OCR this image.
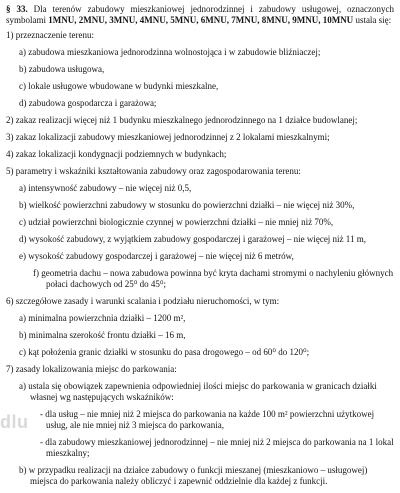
§ 33. Dla terenów zabudowy mieszkaniowej jednorodzinnej i zabudowy usługowej, oznaczonych symbolami 1MNU, 2MNU, 3MNU, 4MNU, 5MNU, 6MNU, 7MNU, 8MNU, 9MNU, 10MNU ustala się:

1) przeznaczenie terenu:
a) zabudowa mieszkaniowa jednorodzinna wolnostojąca i w zabudowie bliźniaczej;
b) zabudowa usługowa,
c) lokale usługowe wbudowane w budynki mieszkalne,
d) zabudowa gospodarcza i garażowa;
2) zakaz realizacji więcej niż 1 budynku mieszkalnego jednorodzinnego na 1 działce budowlanej;
3) zakaz lokalizacji zabudowy mieszkaniowej jednorodzinnej z 2 lokalami mieszkalnymi;
4) zakaz lokalizacji kondygnacji podziemnych w budynkach;
5) parametry i wskaźniki kształtowania zabudowy oraz zagospodarowania terenu:
a) intensywność zabudowy – nie więcej niż 0,5,
b) wielkość powierzchni zabudowy w stosunku do powierzchni działki – nie więcej niż 30%,
c) udział powierzchni biologicznie czynnej w powierzchni działki – nie mniej niż 70%,
d) wysokość zabudowy, z wyjątkiem zabudowy gospodarczej i garażowej – nie więcej niż 11 m,
e) wysokość zabudowy gospodarczej i garażowej – nie więcej niż 6 metrów,
f) geometria dachu – nowa zabudowa powinna być kryta dachami stromymi o nachyleniu głównych połaci dachowych od 25⁰ do 45⁰;
6) szczegółowe zasady i warunki scalania i podziału nieruchomości, w tym:
a) minimalna powierzchnia działki – 1200 m²,
b) minimalna szerokość frontu działki – 16 m,
c) kąt położenia granic działki w stosunku do pasa drogowego – od 60⁰ do 120⁰;
7) zasady lokalizowania miejsc do parkowania:
a) ustala się obowiązek zapewnienia odpowiedniej ilości miejsc do parkowania w granicach działki własnej wg następujących wskaźników:
- dla usług – nie mniej niż 2 miejsca do parkowania na każde 100 m² powierzchni użytkowej usług, ale nie mniej niż 3 miejsca do parkowania,
- dla zabudowy mieszkaniowej jednorodzinnej – nie mniej niż 2 miejsca do parkowania na 1 lokal mieszkalny;
b) w przypadku realizacji na działce zabudowy o funkcji mieszanej (mieszkaniowo – usługowej) miejsca do parkowania należy obliczyć i zapewnić oddzielnie dla każdej z funkcji.
dlu
